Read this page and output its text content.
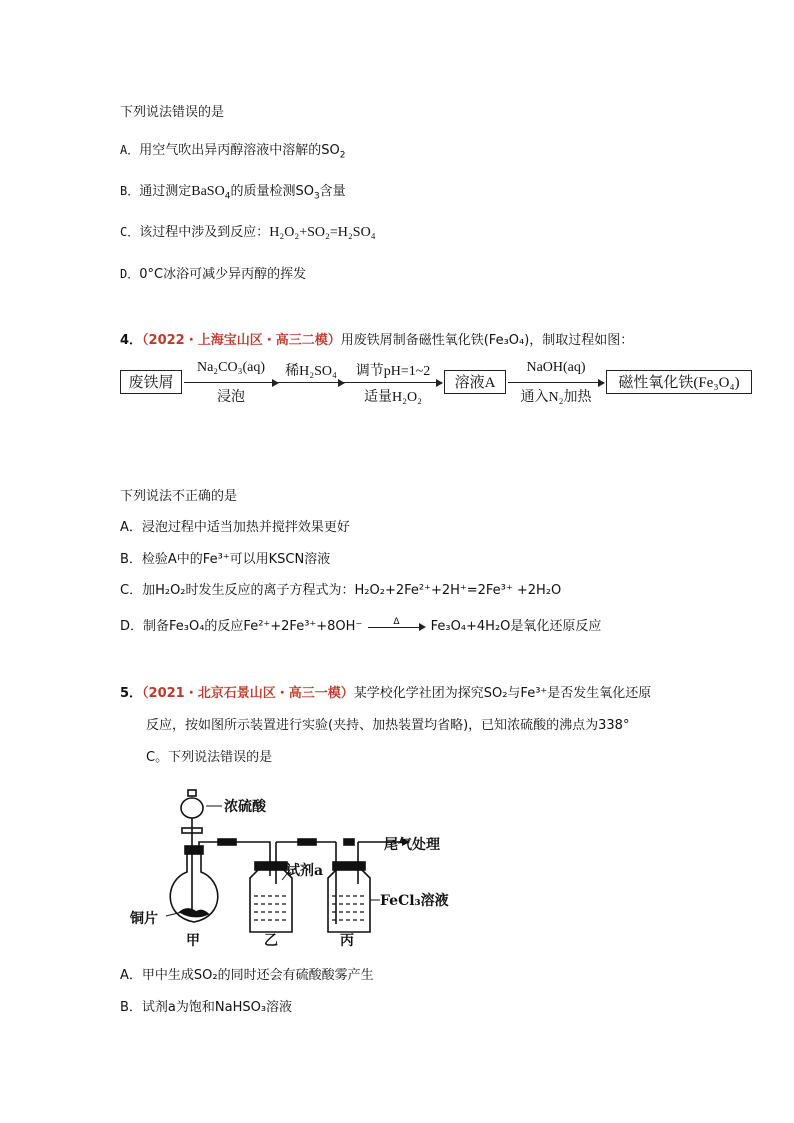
下列说法错误的是
A．用空气吹出异丙醇溶液中溶解的$SO_2$
B．通过测定BaSO$_4$的质量检测$SO_3$含量
C．该过程中涉及到反应：H₂O₂+SO₂=H₂SO₄
D．0°C冰浴可减少异丙醇的挥发
4．（2022・上海宝山区・高三二模）用废铁屑制备磁性氧化铁(Fe₃O₄)，制取过程如图：
废铁屑
Na₂CO₃(aq)
浸泡
稀H₂SO₄	调节pH=1~2
适量H₂O₂
溶液A
NaOH(aq)
通入N₂加热
磁性氧化铁(Fe₃O₄)
下列说法不正确的是
A．浸泡过程中适当加热并搅拌效果更好
B．检验A中的Fe³⁺可以用KSCN溶液
C．加H₂O₂时发生反应的离子方程式为：H₂O₂+2Fe²⁺+2H⁺=2Fe³⁺ +2H₂O
D．制备Fe₃O₄的反应Fe²⁺+2Fe³⁺+8OH⁻	Δ	Fe₃O₄+4H₂O是氧化还原反应
5．（2021・北京石景山区・高三一模）某学校化学社团为探究SO₂与Fe³⁺是否发生氧化还原
反应，按如图所示装置进行实验(夹持、加热装置均省略)，已知浓硫酸的沸点为338°
C。下列说法错误的是
浓硫酸
尾气处理
试剂a
FeCl₃溶液
铜片
甲	乙	丙
A．甲中生成SO₂的同时还会有硫酸酸雾产生
B．试剂a为饱和NaHSO₃溶液
